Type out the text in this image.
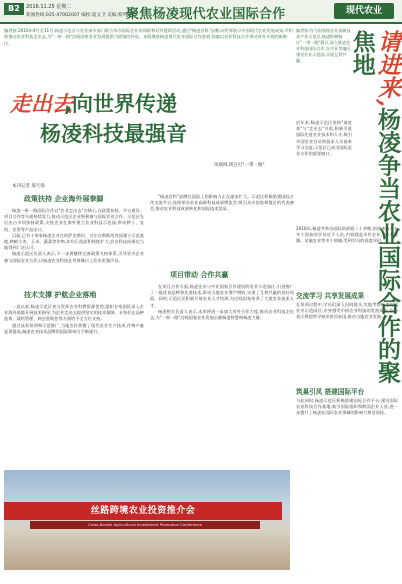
B2	2016.11.25 星期二
新闻热线:025-47002007 编校:夏文卫 美编:蔡列宇
聚焦杨凌现代农业国际合作	现代农业
编者按:2016年9月至11月,杨凌示范区与农业部多部门联合举办国际农业培训班和对外援助活动,通过"杨凌农科"品牌,向世界展示中国现代农业发展成果,并积极推动农业科技走出去,为"一带一路"沿线国家农业发展提供可借鉴的经验。本版聚焦杨凌现代农业国际合作进展,探索以农业科技合作带动对外开放的新路径。
走出去
,向世界传递
杨凌科技最强音
凤凰网,现在打"一带一路"
本刊记者 郝天海
政策扶持 企业海外展拳脚

杨凌一带一路国际合作以"农业走出去"为核心,在政策扶持、平台建设、项目合作等方面持续发力,推动示范区企业积极参与国际农业合作。示范区先后出台多项扶持政策,支持企业在海外建立农业科技示范园,带动种子、农机、农资等产品出口。

目前,已有十余家杨凌企业在哈萨克斯坦、吉尔吉斯斯坦等国建立示范基地,种植小麦、玉米、蔬菜等作物,年均示范面积持续扩大,农业科技成果在当地得到广泛认可。

杨凌示范区负责人表示,下一步将继续完善政策支持体系,引导更多企业参与国际农业合作,让杨凌农业科技在世界舞台上发出更强声音。

技术支撑 护航企业落地

一直以来,杨凌示范区充分发挥农业科教资源优势,组织专家团队深入企业海外基地开展技术指导,为企业走出去提供坚实的技术保障。专家们在品种选育、栽培管理、病虫害防控等方面给予全方位支持。

通过技术培训和示范推广,当地农民掌握了现代农业生产技术,作物产量显著提高,杨凌农业技术品牌的国际影响力不断提升。

"杨凌农科"品牌在国际上的影响力正在逐步扩大。示范区积极搭建国际合作交流平台,连续举办农业高新科技成果博览会,吸引众多国家和地区的代表参会,推动农业科技成果转化和国际技术贸易。

项目带动 合作共赢

在项目合作方面,杨凌企业与中亚国家合作建设的农业示范园区,引进推广了一批优良品种和先进技术,带动当地农业增产增收,实现了互利共赢的良好局面。同时,示范区还积极开展农业人才培训,为沿线国家培养了大批农业技术人才。

杨凌相关负责人表示,未来将进一步加大对外合作力度,推动农业科技走出去,为"一带一路"沿线国家农业发展贡献杨凌智慧和杨凌力量。

丝路跨境农业投资推介会
Cross-Border Agricultural Investment Promotion Conference
编者按:作为国家级农业高新技术产业示范区,杨凌积极响应"一带一路"倡议,深入推进农业科技国际合作,在中亚等地区建设农业示范园,实现互利共赢。	请进来,杨凌争当农业国际合作的聚焦地

近年来,杨凌示范区坚持"请进来"与"走出去"并重,积极引进国际先进农业技术和人才,吸引多国农业官员和技术人员前来学习交流,示范区已成为国际农业合作的重要窗口。

2016年,杨凌共举办国际培训班二十余期,培训来自六十多个国家的学员近千人次,内容涵盖旱作农业、节水灌溉、设施农业等多个领域,受到学员的高度评价。

交流学习 共享发展成果

在培训过程中,学员们深入田间地头,实地考察杨凌现代农业示范园区,亲身感受中国农业科技的发展成果,纷纷表示将把所学知识带回本国,推动当地农业发展。

筑巢引凤 搭建国际平台

与此同时,杨凌示范区积极搭建国际合作平台,建设国际农业科技合作基地,吸引国际组织和跨国企业入驻,进一步提升了杨凌在国际农业领域的影响力和话语权。
